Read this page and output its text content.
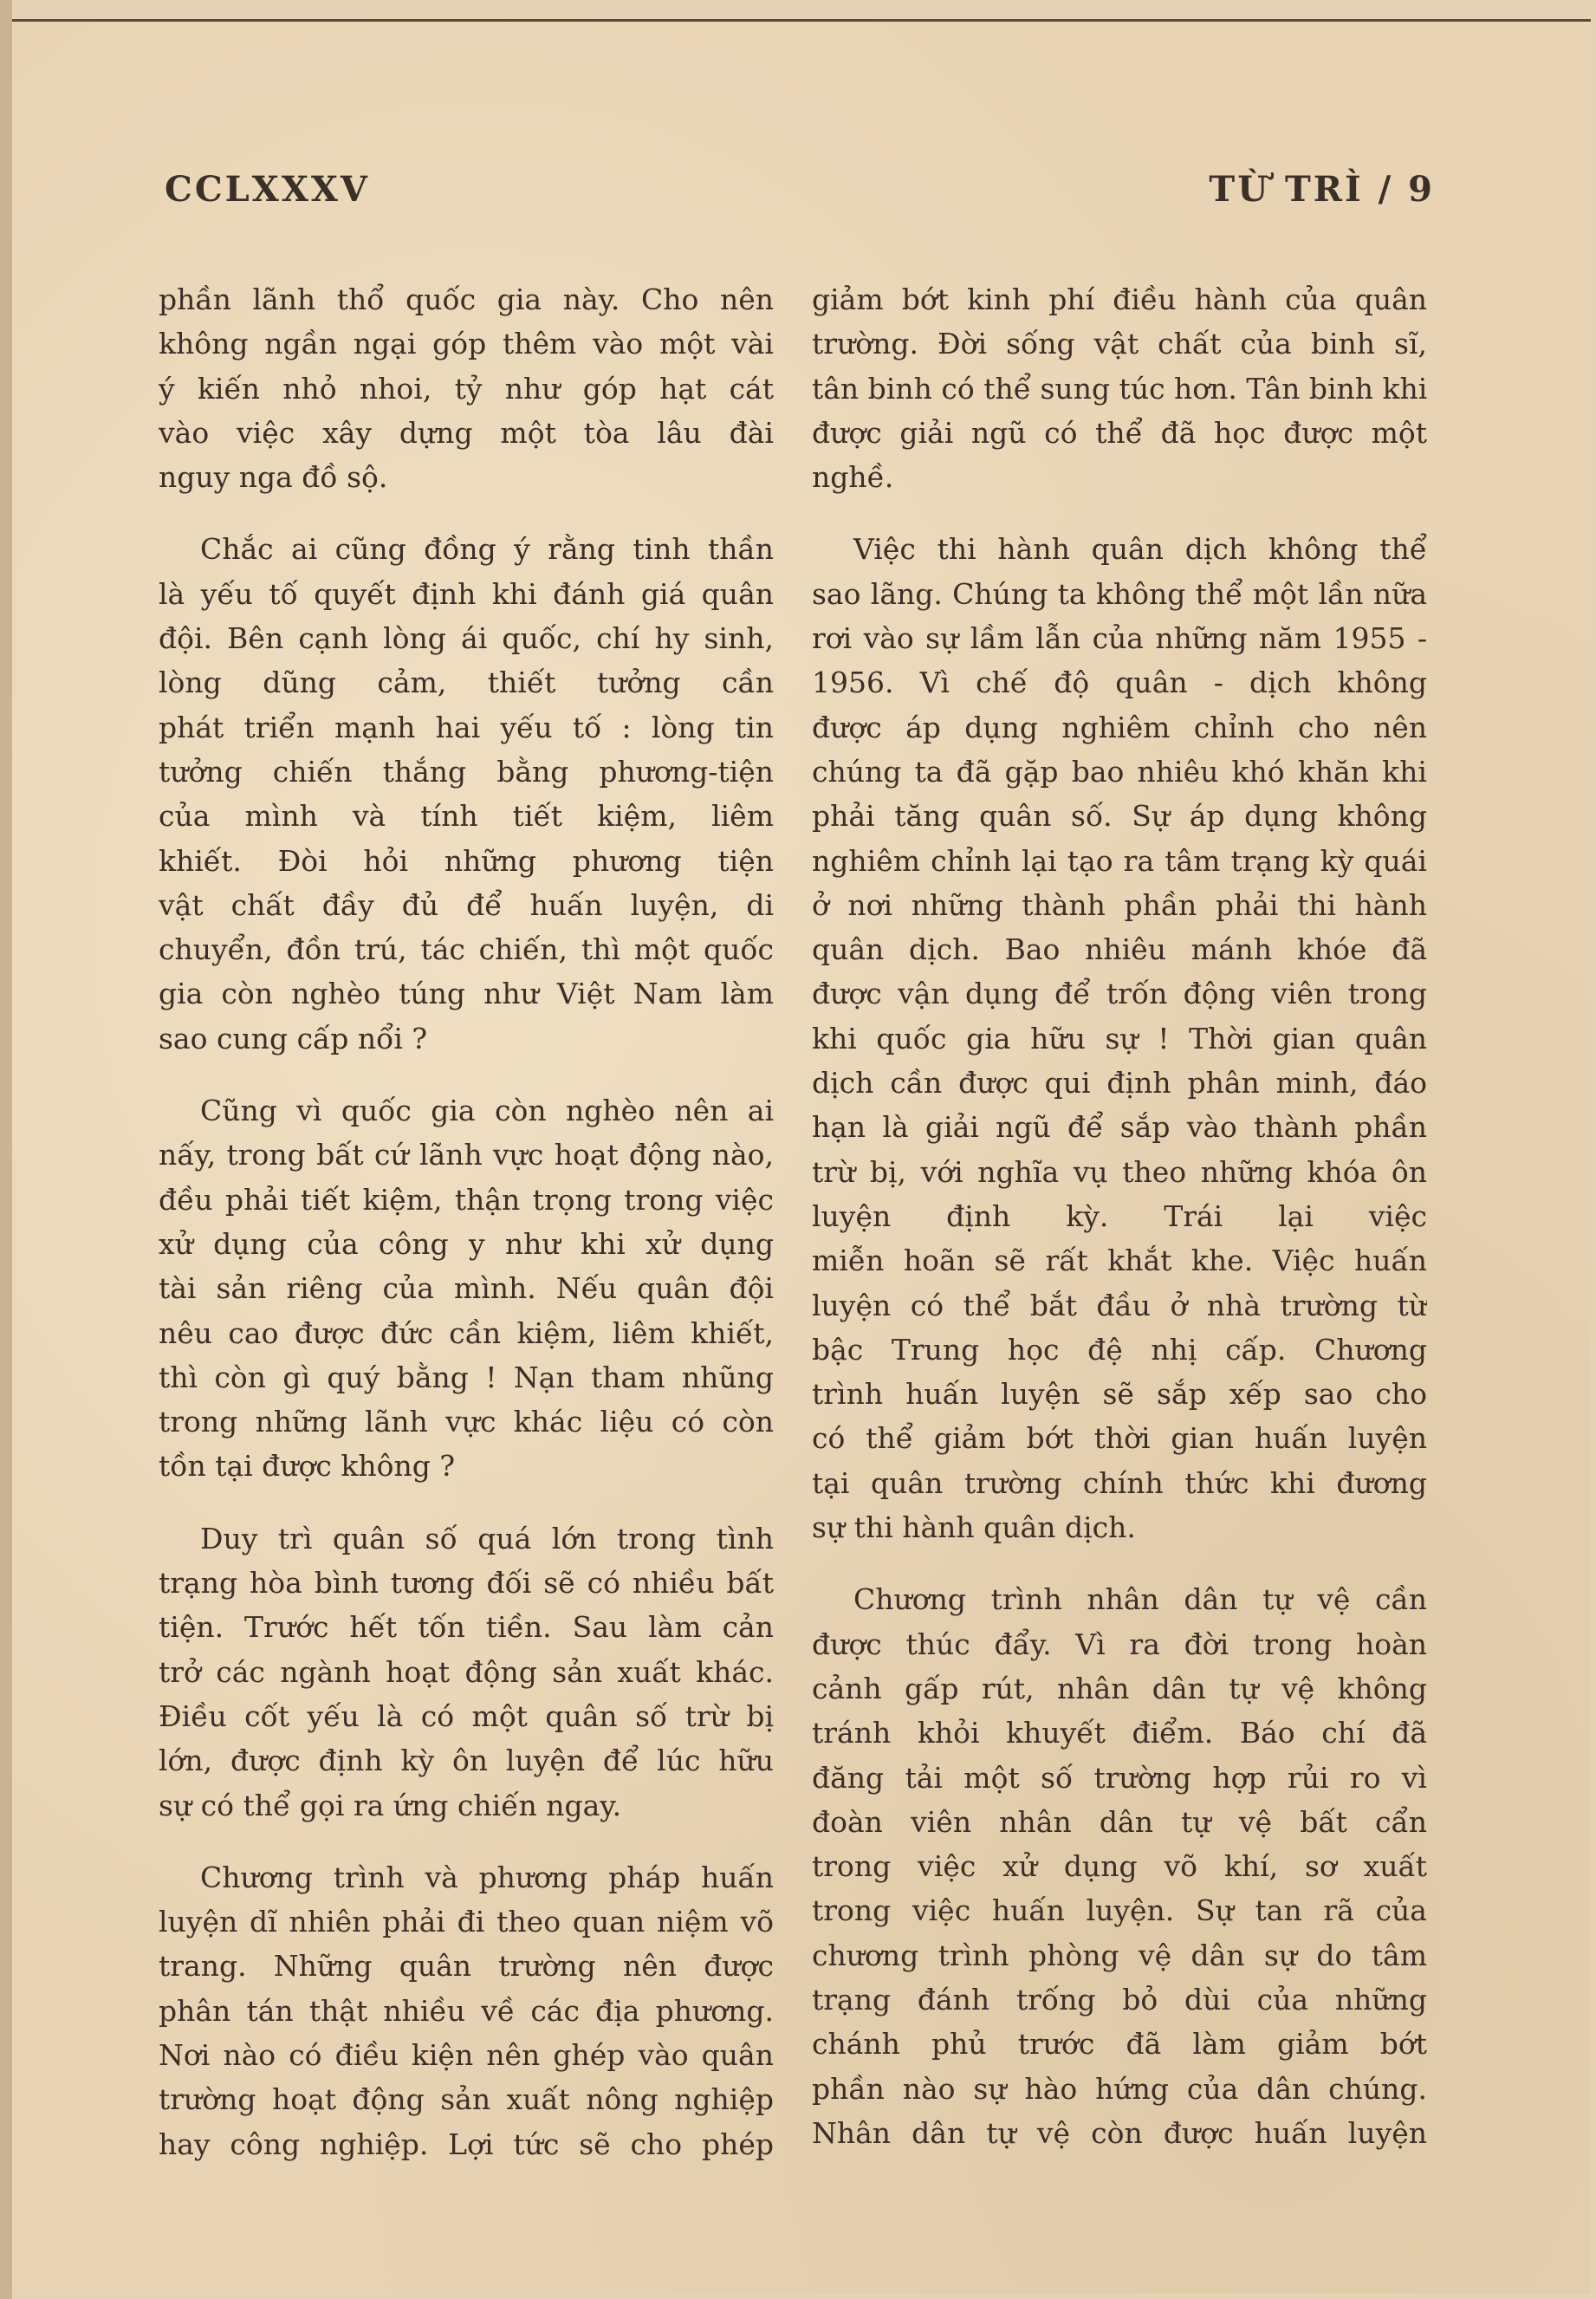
CCLXXXV	TỪ TRÌ / 9
phần lãnh thổ quốc gia này. Cho nên
không ngần ngại góp thêm vào một vài
ý kiến nhỏ nhoi, tỷ như góp hạt cát
vào việc xây dựng một tòa lâu đài
nguy nga đồ sộ.
Chắc ai cũng đồng ý rằng tinh thần
là yếu tố quyết định khi đánh giá quân
đội. Bên cạnh lòng ái quốc, chí hy sinh,
lòng dũng cảm, thiết tưởng cần
phát triển mạnh hai yếu tố : lòng tin
tưởng chiến thắng bằng phương-tiện
của mình và tính tiết kiệm, liêm
khiết. Đòi hỏi những phương tiện
vật chất đầy đủ để huấn luyện, di
chuyển, đồn trú, tác chiến, thì một quốc
gia còn nghèo túng như Việt Nam làm
sao cung cấp nổi ?
Cũng vì quốc gia còn nghèo nên ai
nấy, trong bất cứ lãnh vực hoạt động nào,
đều phải tiết kiệm, thận trọng trong việc
xử dụng của công y như khi xử dụng
tài sản riêng của mình. Nếu quân đội
nêu cao được đức cần kiệm, liêm khiết,
thì còn gì quý bằng ! Nạn tham nhũng
trong những lãnh vực khác liệu có còn
tồn tại được không ?
Duy trì quân số quá lớn trong tình
trạng hòa bình tương đối sẽ có nhiều bất
tiện. Trước hết tốn tiền. Sau làm cản
trở các ngành hoạt động sản xuất khác.
Điều cốt yếu là có một quân số trừ bị
lớn, được định kỳ ôn luyện để lúc hữu
sự có thể gọi ra ứng chiến ngay.
Chương trình và phương pháp huấn
luyện dĩ nhiên phải đi theo quan niệm võ
trang. Những quân trường nên được
phân tán thật nhiều về các địa phương.
Nơi nào có điều kiện nên ghép vào quân
trường hoạt động sản xuất nông nghiệp
hay công nghiệp. Lợi tức sẽ cho phép
giảm bớt kinh phí điều hành của quân
trường. Đời sống vật chất của binh sĩ,
tân binh có thể sung túc hơn. Tân binh khi
được giải ngũ có thể đã học được một
nghề.
Việc thi hành quân dịch không thể
sao lãng. Chúng ta không thể một lần nữa
rơi vào sự lầm lẫn của những năm 1955 -
1956. Vì chế độ quân - dịch không
được áp dụng nghiêm chỉnh cho nên
chúng ta đã gặp bao nhiêu khó khăn khi
phải tăng quân số. Sự áp dụng không
nghiêm chỉnh lại tạo ra tâm trạng kỳ quái
ở nơi những thành phần phải thi hành
quân dịch. Bao nhiêu mánh khóe đã
được vận dụng để trốn động viên trong
khi quốc gia hữu sự ! Thời gian quân
dịch cần được qui định phân minh, đáo
hạn là giải ngũ để sắp vào thành phần
trừ bị, với nghĩa vụ theo những khóa ôn
luyện định kỳ. Trái lại việc
miễn hoãn sẽ rất khắt khe. Việc huấn
luyện có thể bắt đầu ở nhà trường từ
bậc Trung học đệ nhị cấp. Chương
trình huấn luyện sẽ sắp xếp sao cho
có thể giảm bớt thời gian huấn luyện
tại quân trường chính thức khi đương
sự thi hành quân dịch.
Chương trình nhân dân tự vệ cần
được thúc đẩy. Vì ra đời trong hoàn
cảnh gấp rút, nhân dân tự vệ không
tránh khỏi khuyết điểm. Báo chí đã
đăng tải một số trường hợp rủi ro vì
đoàn viên nhân dân tự vệ bất cẩn
trong việc xử dụng võ khí, sơ xuất
trong việc huấn luyện. Sự tan rã của
chương trình phòng vệ dân sự do tâm
trạng đánh trống bỏ dùi của những
chánh phủ trước đã làm giảm bớt
phần nào sự hào hứng của dân chúng.
Nhân dân tự vệ còn được huấn luyện
